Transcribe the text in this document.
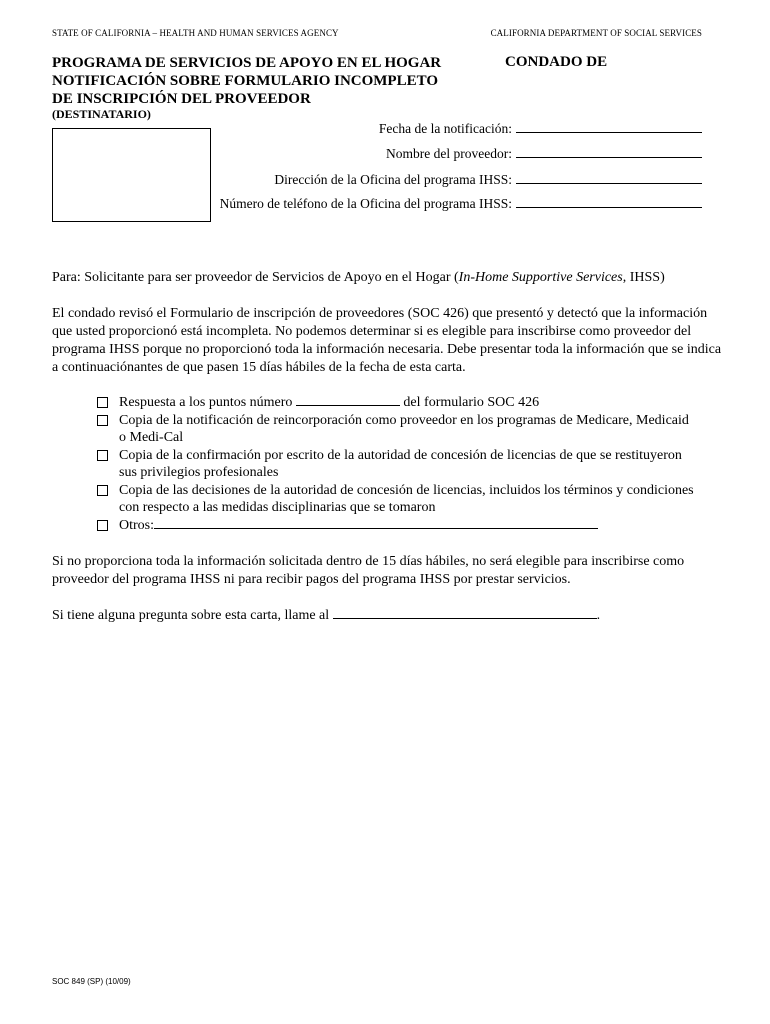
STATE OF CALIFORNIA – HEALTH AND HUMAN SERVICES AGENCY	CALIFORNIA DEPARTMENT OF SOCIAL SERVICES
PROGRAMA DE SERVICIOS DE APOYO EN EL HOGAR
NOTIFICACIÓN SOBRE FORMULARIO INCOMPLETO
DE INSCRIPCIÓN DEL PROVEEDOR
(DESTINATARIO)
CONDADO DE
Fecha de la notificación:
Nombre del proveedor:
Dirección de la Oficina del programa IHSS:
Número de teléfono de la Oficina del programa IHSS:
Para: Solicitante para ser proveedor de Servicios de Apoyo en el Hogar (In-Home Supportive Services, IHSS)
El condado revisó el Formulario de inscripción de proveedores (SOC 426) que presentó y detectó que la información que usted proporcionó está incompleta. No podemos determinar si es elegible para inscribirse como proveedor del programa IHSS porque no proporcionó toda la información necesaria. Debe presentar toda la información que se indica a continuaciónantes de que pasen 15 días hábiles de la fecha de esta carta.
Respuesta a los puntos número	del formulario SOC 426
Copia de la notificación de reincorporación como proveedor en los programas de Medicare, Medicaid o Medi-Cal
Copia de la confirmación por escrito de la autoridad de concesión de licencias de que se restituyeron sus privilegios profesionales
Copia de las decisiones de la autoridad de concesión de licencias, incluidos los términos y condiciones con respecto a las medidas disciplinarias que se tomaron
Otros:
Si no proporciona toda la información solicitada dentro de 15 días hábiles, no será elegible para inscribirse como proveedor del programa IHSS ni para recibir pagos del programa IHSS por prestar servicios.
Si tiene alguna pregunta sobre esta carta, llame al	.
SOC 849 (SP) (10/09)
